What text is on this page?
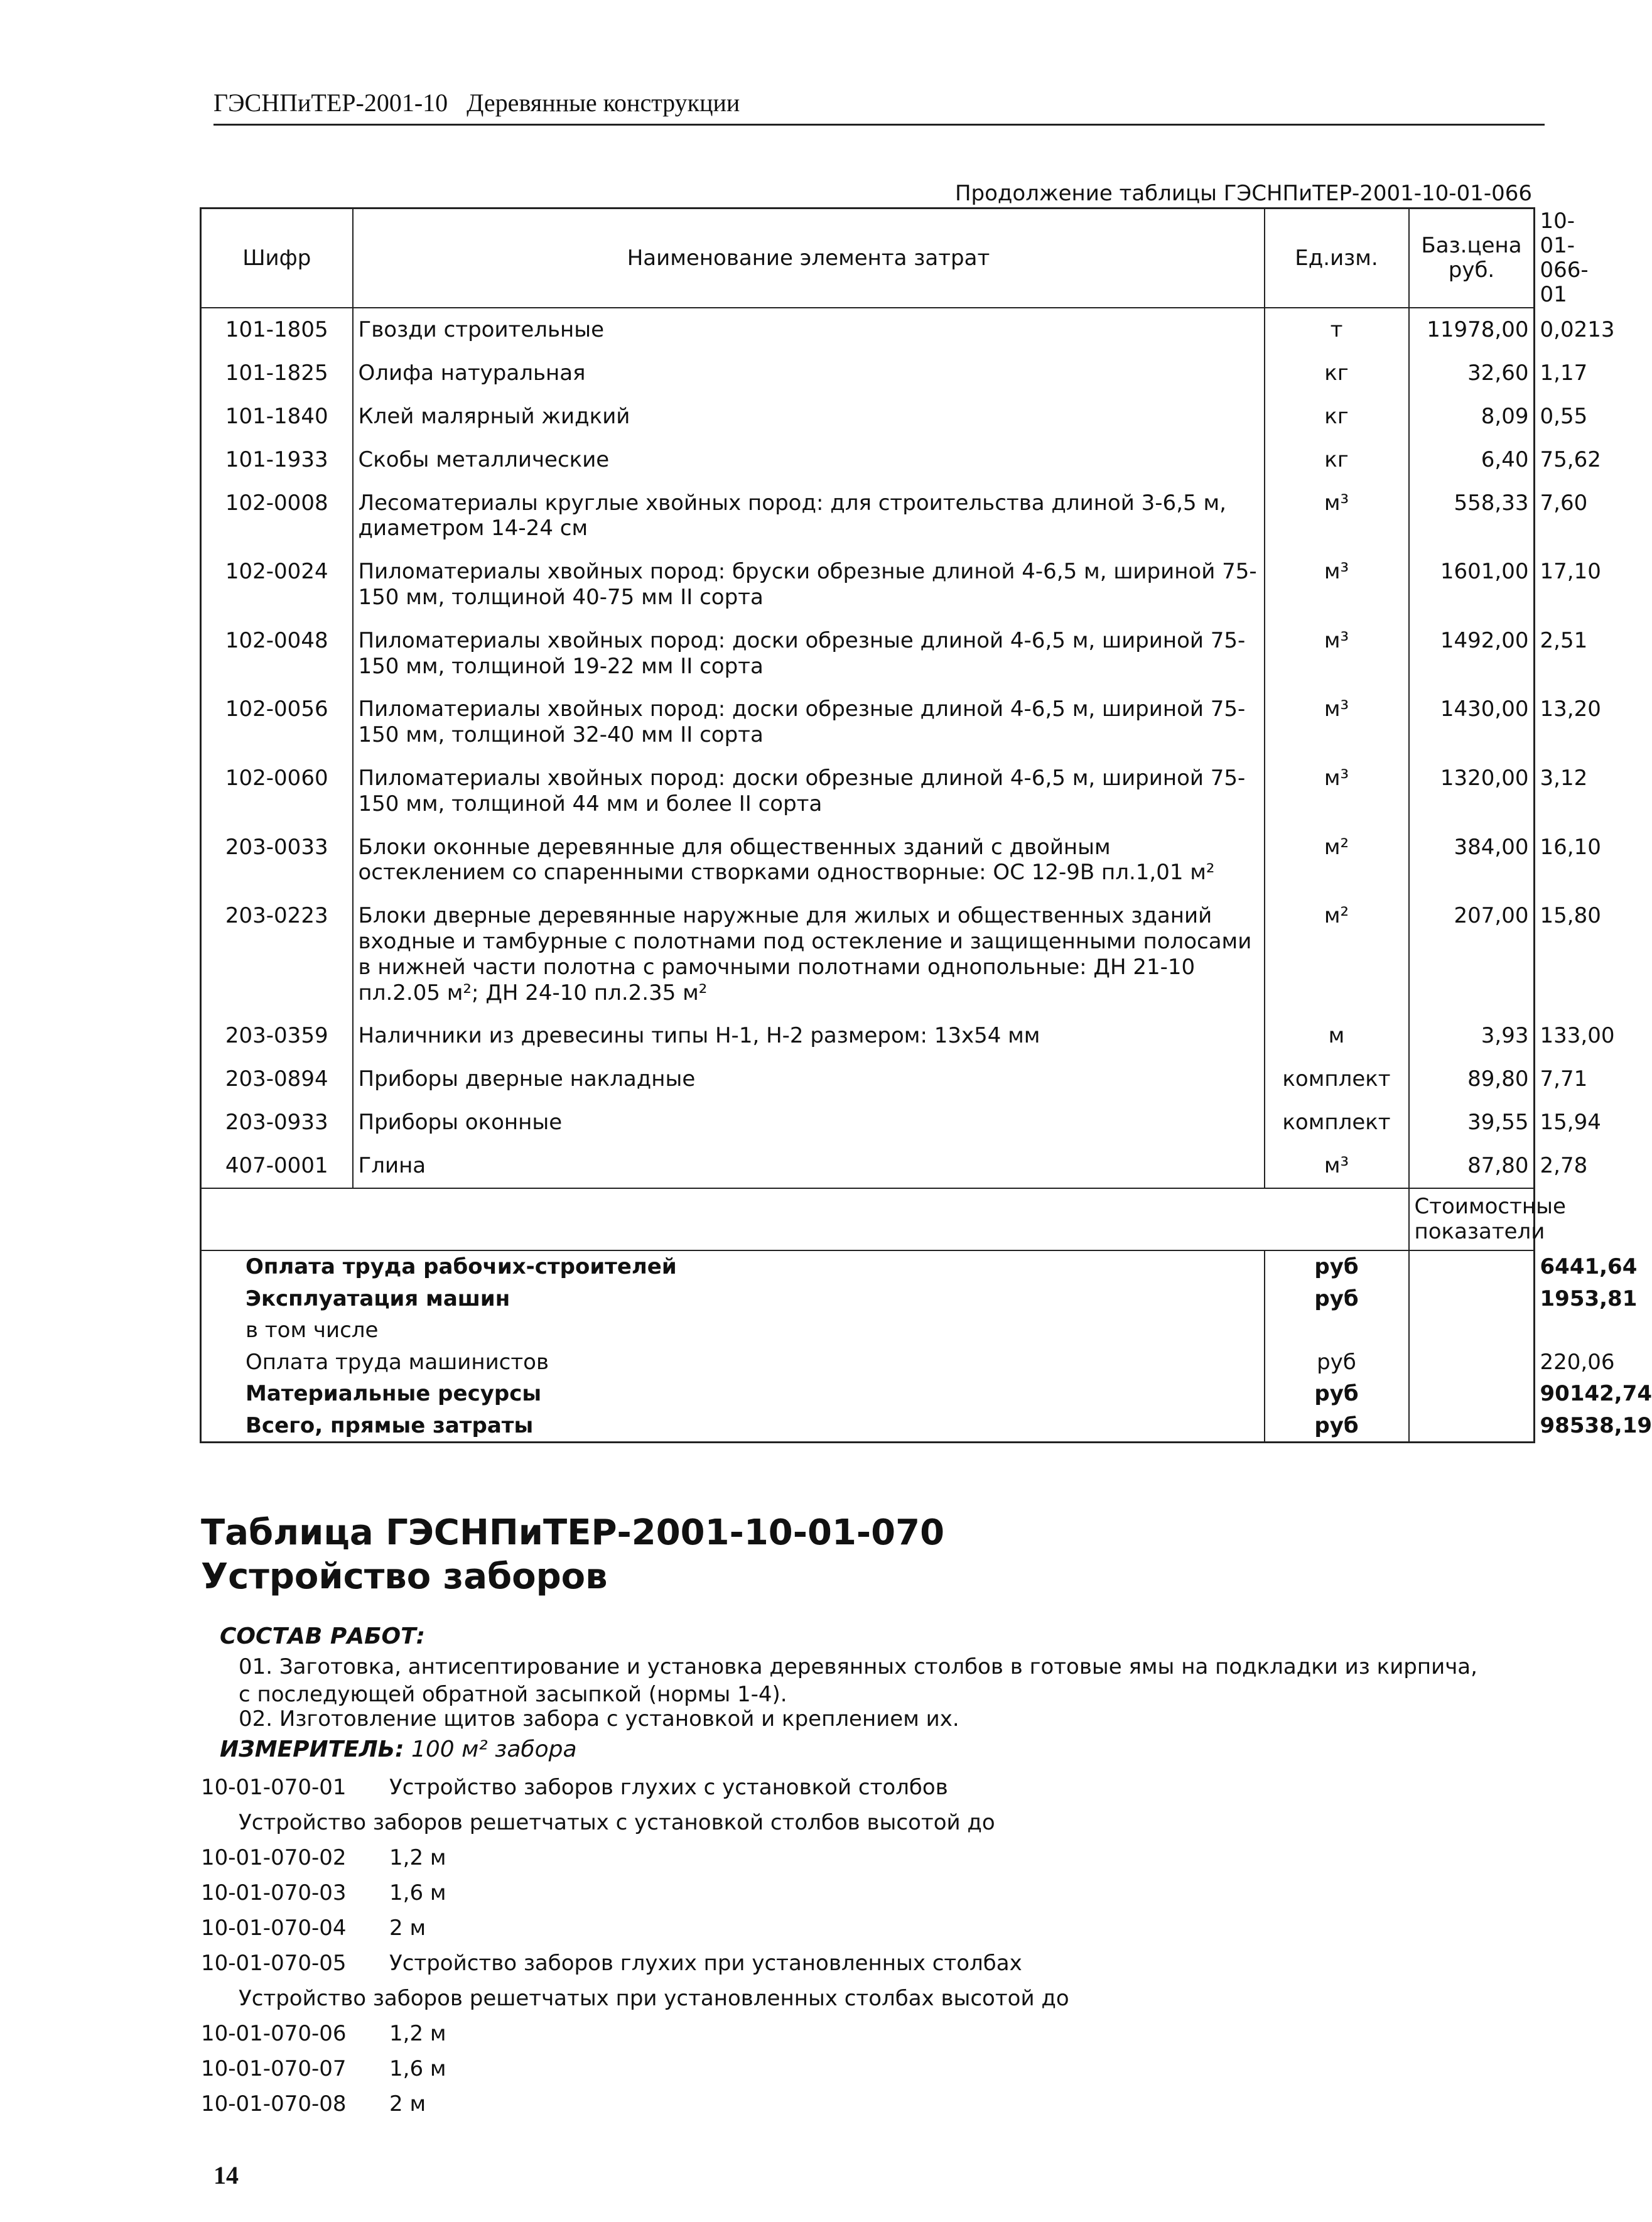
ГЭСНПиТЕР-2001-10 Деревянные конструкции
Продолжение таблицы ГЭСНПиТЕР-2001-10-01-066
Шифр	Наименование элемента затрат	Ед.изм.	Баз.цена руб.	10-01-066-01
101-1805	Гвозди строительные	т	11978,00	0,0213
101-1825	Олифа натуральная	кг	32,60	1,17
101-1840	Клей малярный жидкий	кг	8,09	0,55
101-1933	Скобы металлические	кг	6,40	75,62
102-0008	Лесоматериалы круглые хвойных пород: для строительства длиной 3-6,5 м, диаметром 14-24 см	м³	558,33	7,60
102-0024	Пиломатериалы хвойных пород: бруски обрезные длиной 4-6,5 м, шириной 75-150 мм, толщиной 40-75 мм II сорта	м³	1601,00	17,10
102-0048	Пиломатериалы хвойных пород: доски обрезные длиной 4-6,5 м, шириной 75-150 мм, толщиной 19-22 мм II сорта	м³	1492,00	2,51
102-0056	Пиломатериалы хвойных пород: доски обрезные длиной 4-6,5 м, шириной 75-150 мм, толщиной 32-40 мм II сорта	м³	1430,00	13,20
102-0060	Пиломатериалы хвойных пород: доски обрезные длиной 4-6,5 м, шириной 75-150 мм, толщиной 44 мм и более II сорта	м³	1320,00	3,12
203-0033	Блоки оконные деревянные для общественных зданий с двойным остеклением со спаренными створками одностворные: ОС 12-9В пл.1,01 м²	м²	384,00	16,10
203-0223	Блоки дверные деревянные наружные для жилых и общественных зданий входные и тамбурные с полотнами под остекление и защищенными полосами в нижней части полотна с рамочными полотнами однопольные: ДН 21-10 пл.2.05 м²; ДН 24-10 пл.2.35 м²	м²	207,00	15,80
203-0359	Наличники из древесины типы Н-1, Н-2 размером: 13х54 мм	м	3,93	133,00
203-0894	Приборы дверные накладные	комплект	89,80	7,71
203-0933	Приборы оконные	комплект	39,55	15,94
407-0001	Глина	м³	87,80	2,78
			Стоимостные показатели	
Оплата труда рабочих-строителей		руб		6441,64
Эксплуатация машин		руб		1953,81
в том числе				
Оплата труда машинистов		руб		220,06
Материальные ресурсы		руб		90142,74
Всего, прямые затраты		руб		98538,19
Таблица ГЭСНПиТЕР-2001-10-01-070
Устройство заборов
СОСТАВ РАБОТ:
01. Заготовка, антисептирование и установка деревянных столбов в готовые ямы на подкладки из кирпича, с последующей обратной засыпкой (нормы 1-4).
02. Изготовление щитов забора с установкой и креплением их.
ИЗМЕРИТЕЛЬ: 100 м² забора
10-01-070-01 Устройство заборов глухих с установкой столбов
Устройство заборов решетчатых с установкой столбов высотой до
10-01-070-02 1,2 м
10-01-070-03 1,6 м
10-01-070-04 2 м
10-01-070-05 Устройство заборов глухих при установленных столбах
Устройство заборов решетчатых при установленных столбах высотой до
10-01-070-06 1,2 м
10-01-070-07 1,6 м
10-01-070-08 2 м
14
